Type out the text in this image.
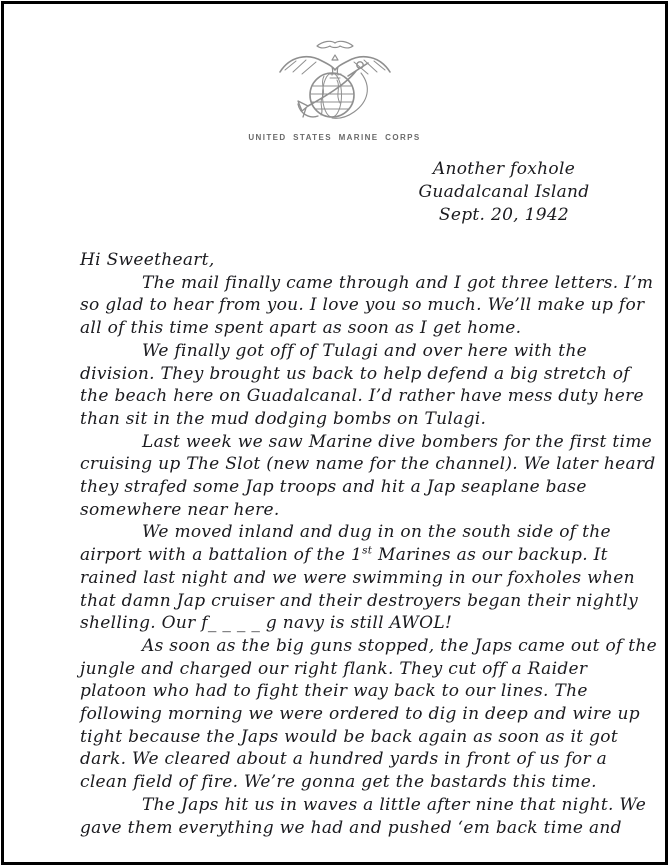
UNITED STATES MARINE CORPS
Another foxhole
Guadalcanal Island
Sept. 20, 1942
Hi Sweetheart,
The mail finally came through and I got three letters. I’m
so glad to hear from you. I love you so much. We’ll make up for
all of this time spent apart as soon as I get home.
We finally got off of Tulagi and over here with the
division. They brought us back to help defend a big stretch of
the beach here on Guadalcanal. I’d rather have mess duty here
than sit in the mud dodging bombs on Tulagi.
Last week we saw Marine dive bombers for the first time
cruising up The Slot (new name for the channel). We later heard
they strafed some Jap troops and hit a Jap seaplane base
somewhere near here.
We moved inland and dug in on the south side of the
airport with a battalion of the 1st Marines as our backup. It
rained last night and we were swimming in our foxholes when
that damn Jap cruiser and their destroyers began their nightly
shelling. Our f_ _ _ _ g navy is still AWOL!
As soon as the big guns stopped, the Japs came out of the
jungle and charged our right flank. They cut off a Raider
platoon who had to fight their way back to our lines. The
following morning we were ordered to dig in deep and wire up
tight because the Japs would be back again as soon as it got
dark. We cleared about a hundred yards in front of us for a
clean field of fire. We’re gonna get the bastards this time.
The Japs hit us in waves a little after nine that night. We
gave them everything we had and pushed ‘em back time and
